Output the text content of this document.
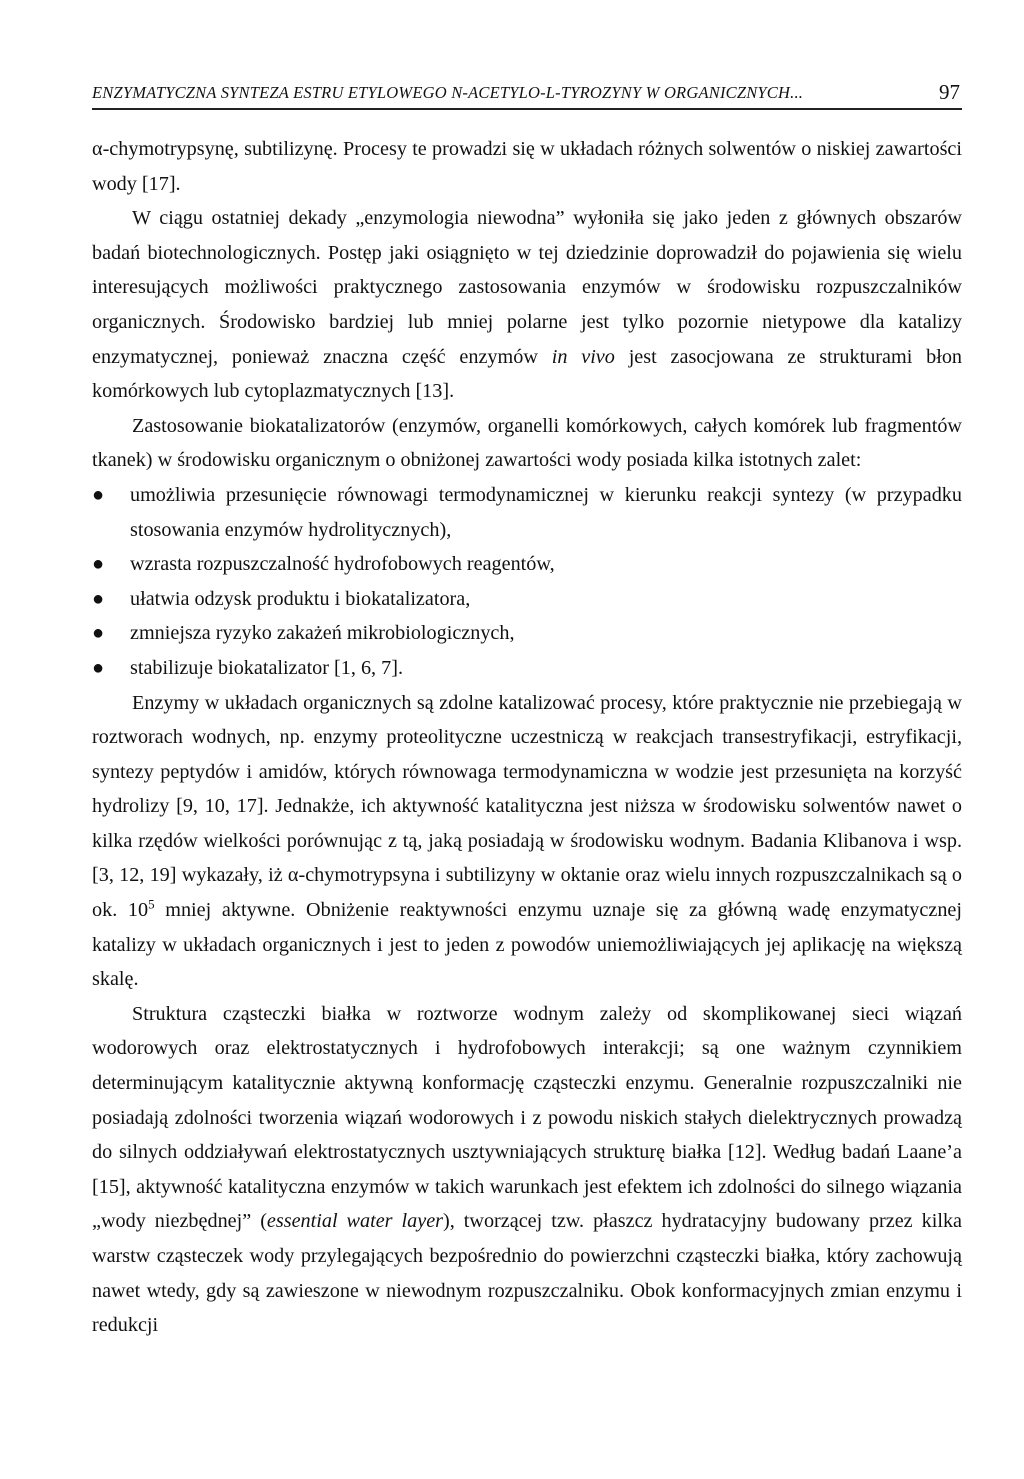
ENZYMATYCZNA SYNTEZA ESTRU ETYLOWEGO N-ACETYLO-L-TYROZYNY W ORGANICZNYCH...	97

α-chymotrypsynę, subtilizynę. Procesy te prowadzi się w układach różnych solwentów o niskiej zawartości wody [17].

W ciągu ostatniej dekady „enzymologia niewodna” wyłoniła się jako jeden z głównych obszarów badań biotechnologicznych. Postęp jaki osiągnięto w tej dziedzinie doprowadził do pojawienia się wielu interesujących możliwości praktycznego zastosowania enzymów w środowisku rozpuszczalników organicznych. Środowisko bardziej lub mniej polarne jest tylko pozornie nietypowe dla katalizy enzymatycznej, ponieważ znaczna część enzymów in vivo jest zasocjowana ze strukturami błon komórkowych lub cytoplazmatycznych [13].

Zastosowanie biokatalizatorów (enzymów, organelli komórkowych, całych komórek lub fragmentów tkanek) w środowisku organicznym o obniżonej zawartości wody posiada kilka istotnych zalet:

● umożliwia przesunięcie równowagi termodynamicznej w kierunku reakcji syntezy (w przypadku stosowania enzymów hydrolitycznych),
● wzrasta rozpuszczalność hydrofobowych reagentów,
● ułatwia odzysk produktu i biokatalizatora,
● zmniejsza ryzyko zakażeń mikrobiologicznych,
● stabilizuje biokatalizator [1, 6, 7].

Enzymy w układach organicznych są zdolne katalizować procesy, które praktycznie nie przebiegają w roztworach wodnych, np. enzymy proteolityczne uczestniczą w reakcjach transestryfikacji, estryfikacji, syntezy peptydów i amidów, których równowaga termodynamiczna w wodzie jest przesunięta na korzyść hydrolizy [9, 10, 17]. Jednakże, ich aktywność katalityczna jest niższa w środowisku solwentów nawet o kilka rzędów wielkości porównując z tą, jaką posiadają w środowisku wodnym. Badania Klibanova i wsp. [3, 12, 19] wykazały, iż α-chymotrypsyna i subtilizyny w oktanie oraz wielu innych rozpuszczalnikach są o ok. $10^5$ mniej aktywne. Obniżenie reaktywności enzymu uznaje się za główną wadę enzymatycznej katalizy w układach organicznych i jest to jeden z powodów uniemożliwiających jej aplikację na większą skalę.

Struktura cząsteczki białka w roztworze wodnym zależy od skomplikowanej sieci wiązań wodorowych oraz elektrostatycznych i hydrofobowych interakcji; są one ważnym czynnikiem determinującym katalitycznie aktywną konformację cząsteczki enzymu. Generalnie rozpuszczalniki nie posiadają zdolności tworzenia wiązań wodorowych i z powodu niskich stałych dielektrycznych prowadzą do silnych oddziaływań elektrostatycznych usztywniających strukturę białka [12]. Według badań Laane’a [15], aktywność katalityczna enzymów w takich warunkach jest efektem ich zdolności do silnego wiązania „wody niezbędnej” (essential water layer), tworzącej tzw. płaszcz hydratacyjny budowany przez kilka warstw cząsteczek wody przylegających bezpośrednio do powierzchni cząsteczki białka, który zachowują nawet wtedy, gdy są zawieszone w niewodnym rozpuszczalniku. Obok konformacyjnych zmian enzymu i redukcji
